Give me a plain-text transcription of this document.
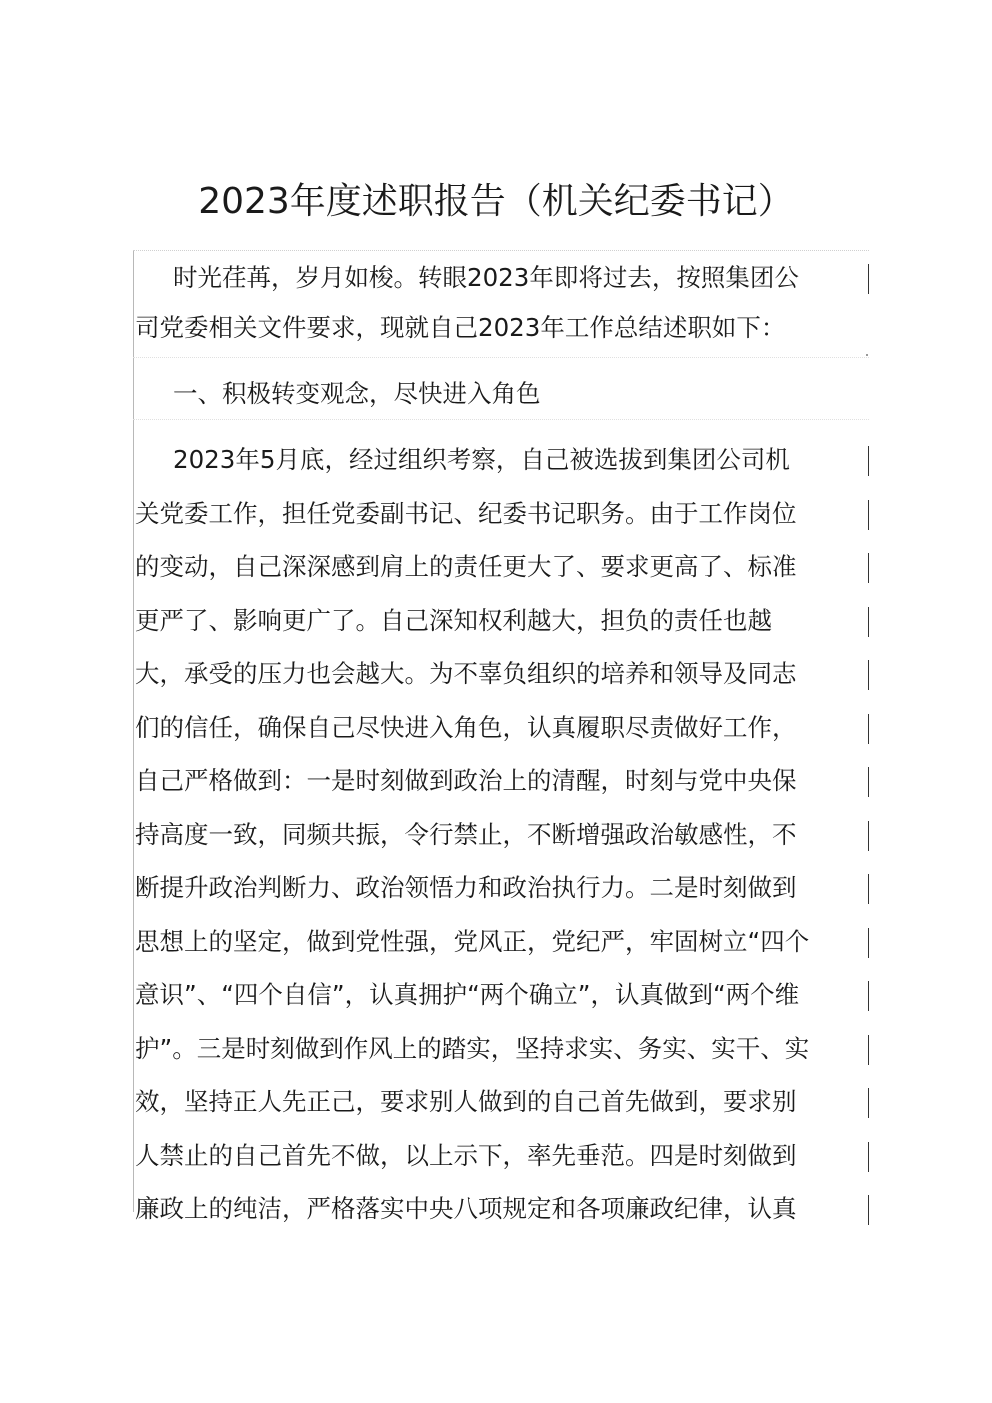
2023年度述职报告（机关纪委书记）
时光荏苒，岁月如梭。转眼2023年即将过去，按照集团公
司党委相关文件要求，现就自己2023年工作总结述职如下：
一、积极转变观念，尽快进入角色
2023年5月底，经过组织考察，自己被选拔到集团公司机
关党委工作，担任党委副书记、纪委书记职务。由于工作岗位
的变动，自己深深感到肩上的责任更大了、要求更高了、标准
更严了、影响更广了。自己深知权利越大，担负的责任也越
大，承受的压力也会越大。为不辜负组织的培养和领导及同志
们的信任，确保自己尽快进入角色，认真履职尽责做好工作，
自己严格做到：一是时刻做到政治上的清醒，时刻与党中央保
持高度一致，同频共振，令行禁止，不断增强政治敏感性，不
断提升政治判断力、政治领悟力和政治执行力。二是时刻做到
思想上的坚定，做到党性强，党风正，党纪严，牢固树立“四个
意识”、“四个自信”，认真拥护“两个确立”，认真做到“两个维
护”。三是时刻做到作风上的踏实，坚持求实、务实、实干、实
效，坚持正人先正己，要求别人做到的自己首先做到，要求别
人禁止的自己首先不做，以上示下，率先垂范。四是时刻做到
廉政上的纯洁，严格落实中央八项规定和各项廉政纪律，认真
